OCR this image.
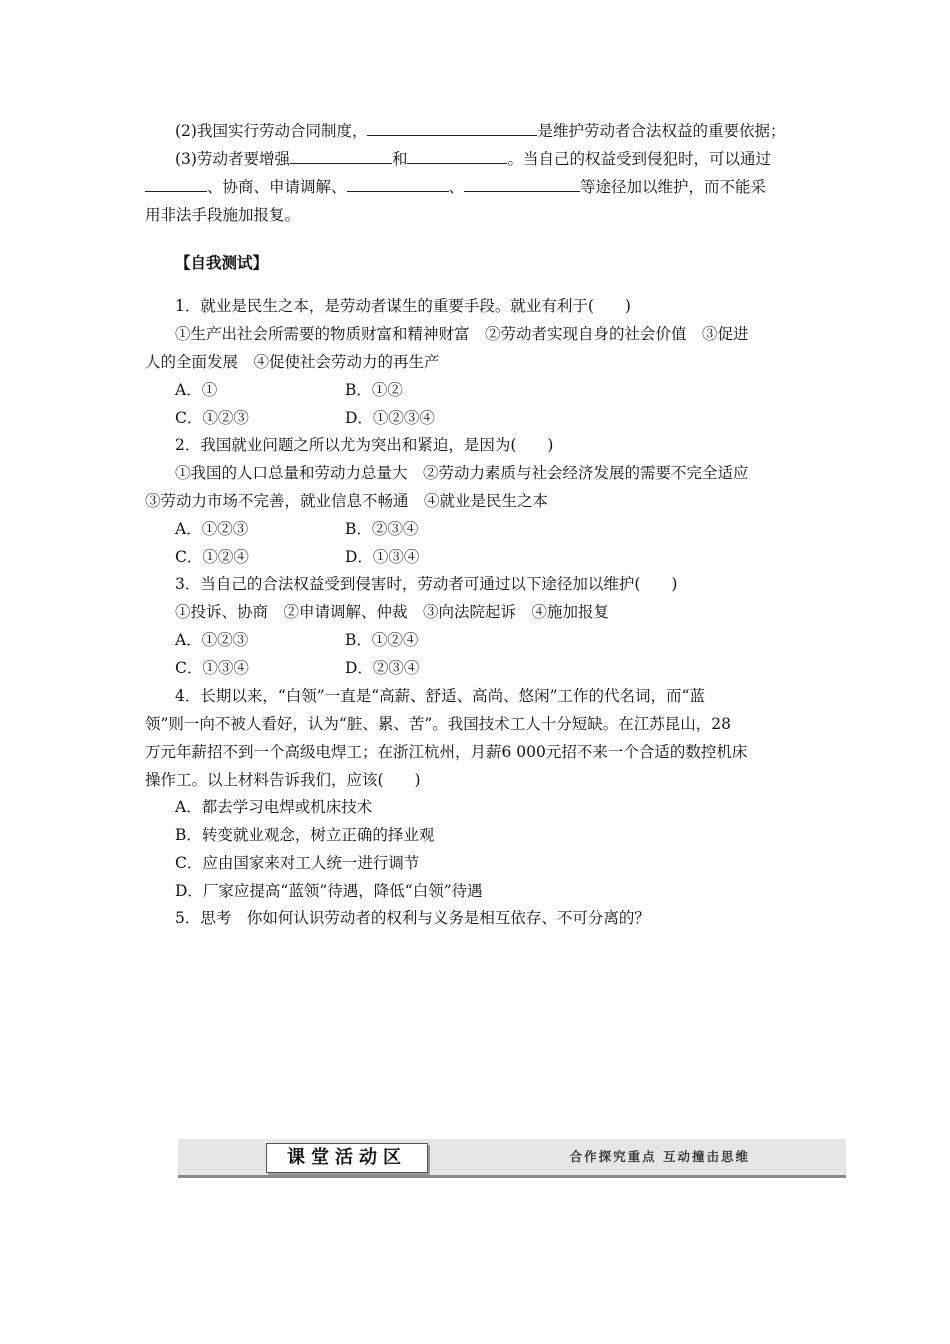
(2)我国实行劳动合同制度，	是维护劳动者合法权益的重要依据；
(3)劳动者要增强	和	。当自己的权益受到侵犯时，可以通过
、协商、申请调解、	、	等途径加以维护，而不能采
用非法手段施加报复。
【自我测试】
1．就业是民生之本，是劳动者谋生的重要手段。就业有利于(　　)
①生产出社会所需要的物质财富和精神财富　②劳动者实现自身的社会价值　③促进
人的全面发展　④促使社会劳动力的再生产
A．①	B．①②
C．①②③	D．①②③④
2．我国就业问题之所以尤为突出和紧迫，是因为(　　)
①我国的人口总量和劳动力总量大　②劳动力素质与社会经济发展的需要不完全适应
③劳动力市场不完善，就业信息不畅通　④就业是民生之本
A．①②③	B．②③④
C．①②④	D．①③④
3．当自己的合法权益受到侵害时，劳动者可通过以下途径加以维护(　　)
①投诉、协商　②申请调解、仲裁　③向法院起诉　④施加报复
A．①②③	B．①②④
C．①③④	D．②③④
4．长期以来，“白领”一直是“高薪、舒适、高尚、悠闲”工作的代名词，而“蓝
领”则一向不被人看好，认为“脏、累、苦”。我国技术工人十分短缺。在江苏昆山，28
万元年薪招不到一个高级电焊工；在浙江杭州，月薪6 000元招不来一个合适的数控机床
操作工。以上材料告诉我们，应该(　　)
A．都去学习电焊或机床技术
B．转变就业观念，树立正确的择业观
C．应由国家来对工人统一进行调节
D．厂家应提高“蓝领”待遇，降低“白领”待遇
5．思考　你如何认识劳动者的权利与义务是相互依存、不可分离的？
课堂活动区	合作探究重点 互动撞击思维
